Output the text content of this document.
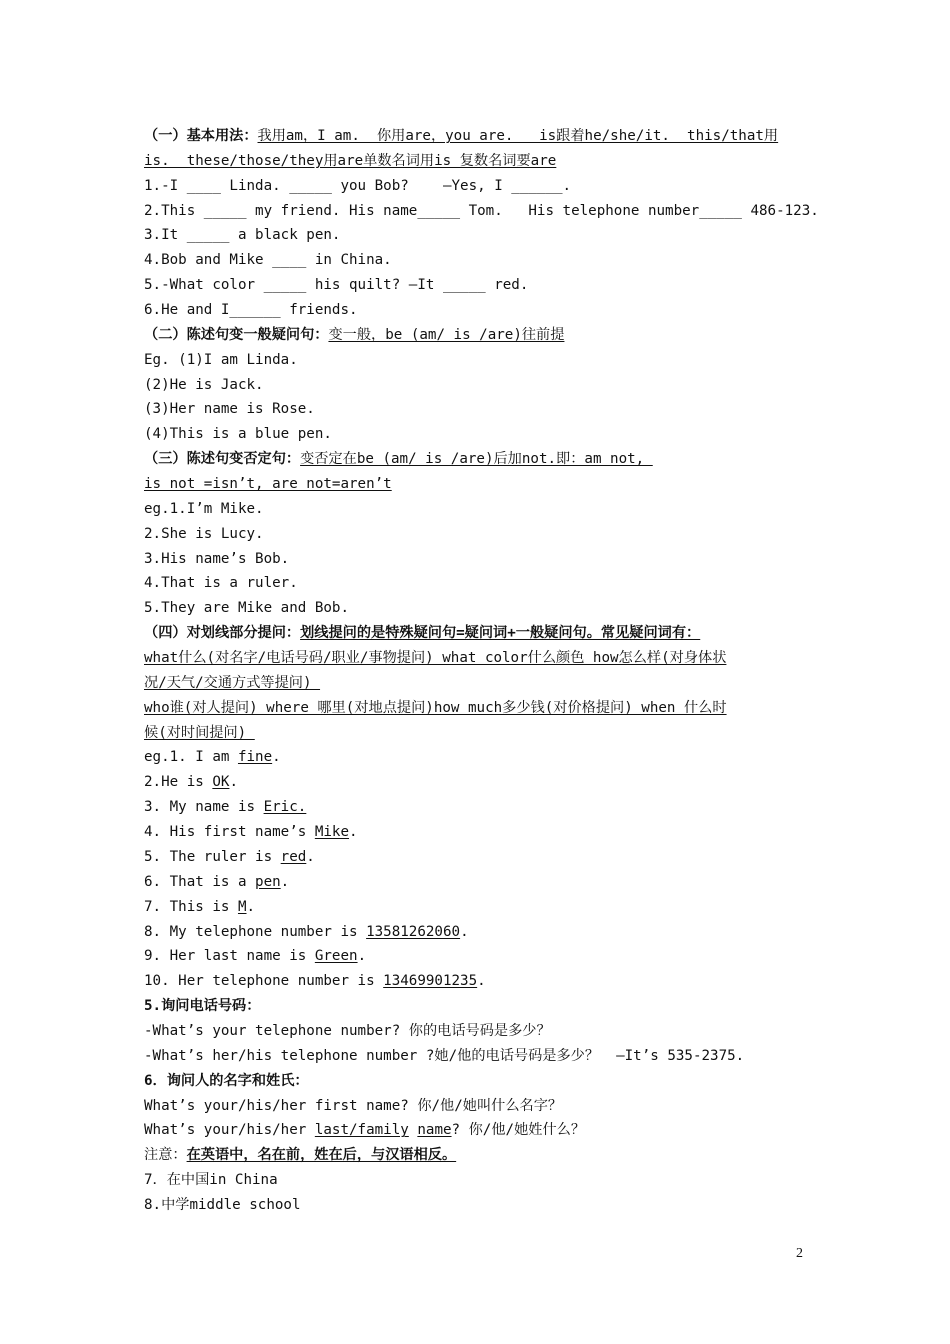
（一）基本用法：我用am，I am.  你用are，you are.   is跟着he/she/it.  this/that用
is.  these/those/they用are单数名词用is 复数名词要are
1.-I ____ Linda. _____ you Bob?    –Yes, I ______.
2.This _____ my friend. His name_____ Tom.   His telephone number_____ 486-123.
3.It _____ a black pen.
4.Bob and Mike ____ in China.
5.-What color _____ his quilt? –It _____ red.
6.He and I______ friends.
（二）陈述句变一般疑问句：变一般，be (am/ is /are)往前提
Eg. (1)I am Linda.
(2)He is Jack.
(3)Her name is Rose.
(4)This is a blue pen.
（三）陈述句变否定句：变否定在be (am/ is /are)后加not.即：am not,
is not =isn’t, are not=aren’t
eg.1.I’m Mike.
2.She is Lucy.
3.His name’s Bob.
4.That is a ruler.
5.They are Mike and Bob.
（四）对划线部分提问：划线提问的是特殊疑问句=疑问词+一般疑问句。常见疑问词有：
what什么(对名字/电话号码/职业/事物提问) what color什么颜色 how怎么样(对身体状
况/天气/交通方式等提问)
who谁(对人提问) where 哪里(对地点提问)how much多少钱(对价格提问) when 什么时
候(对时间提问)
eg.1. I am fine.
2.He is OK.
3. My name is Eric.
4. His first name’s Mike.
5. The ruler is red.
6. That is a pen.
7. This is M.
8. My telephone number is 13581262060.
9. Her last name is Green.
10. Her telephone number is 13469901235.
5.询问电话号码：
-What’s your telephone number? 你的电话号码是多少？
-What’s her/his telephone number ?她/他的电话号码是多少？  —It’s 535-2375.
6．询问人的名字和姓氏：
What’s your/his/her first name? 你/他/她叫什么名字？
What’s your/his/her last/family name? 你/他/她姓什么？
注意：在英语中，名在前，姓在后，与汉语相反。
7．在中国in China
8.中学middle school
2
